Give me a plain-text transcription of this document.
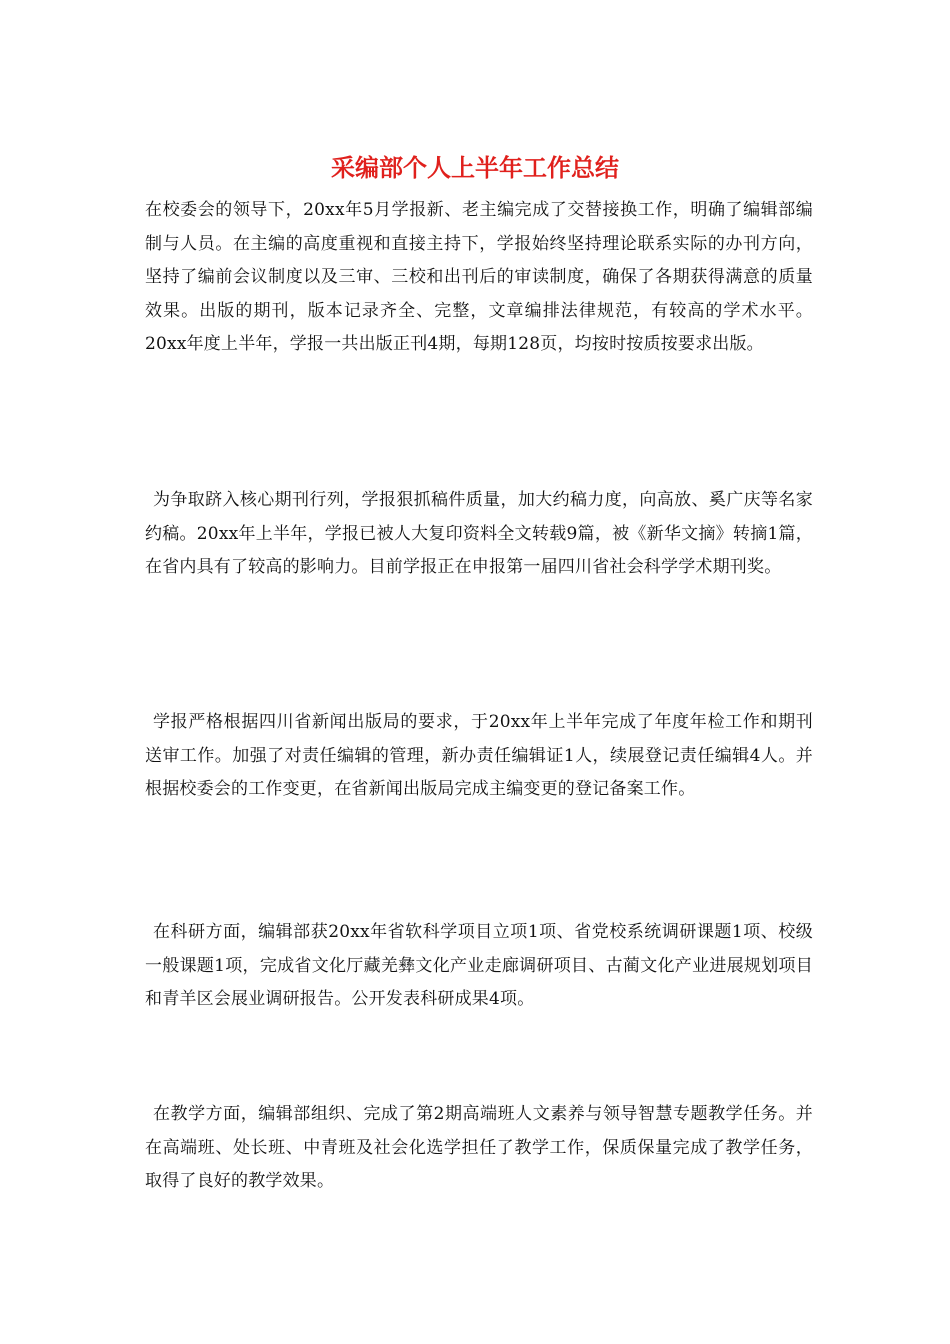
采编部个人上半年工作总结

在校委会的领导下，20xx年5月学报新、老主编完成了交替接换工作，明确了编辑部编制与人员。在主编的高度重视和直接主持下，学报始终坚持理论联系实际的办刊方向，坚持了编前会议制度以及三审、三校和出刊后的审读制度，确保了各期获得满意的质量效果。出版的期刊，版本记录齐全、完整，文章编排法律规范，有较高的学术水平。20xx年度上半年，学报一共出版正刊4期，每期128页，均按时按质按要求出版。

为争取跻入核心期刊行列，学报狠抓稿件质量，加大约稿力度，向高放、奚广庆等名家约稿。20xx年上半年，学报已被人大复印资料全文转载9篇，被《新华文摘》转摘1篇，在省内具有了较高的影响力。目前学报正在申报第一届四川省社会科学学术期刊奖。

学报严格根据四川省新闻出版局的要求，于20xx年上半年完成了年度年检工作和期刊送审工作。加强了对责任编辑的管理，新办责任编辑证1人，续展登记责任编辑4人。并根据校委会的工作变更，在省新闻出版局完成主编变更的登记备案工作。

在科研方面，编辑部获20xx年省软科学项目立项1项、省党校系统调研课题1项、校级一般课题1项，完成省文化厅藏羌彝文化产业走廊调研项目、古蔺文化产业进展规划项目和青羊区会展业调研报告。公开发表科研成果4项。

在教学方面，编辑部组织、完成了第2期高端班人文素养与领导智慧专题教学任务。并在高端班、处长班、中青班及社会化选学担任了教学工作，保质保量完成了教学任务，取得了良好的教学效果。
